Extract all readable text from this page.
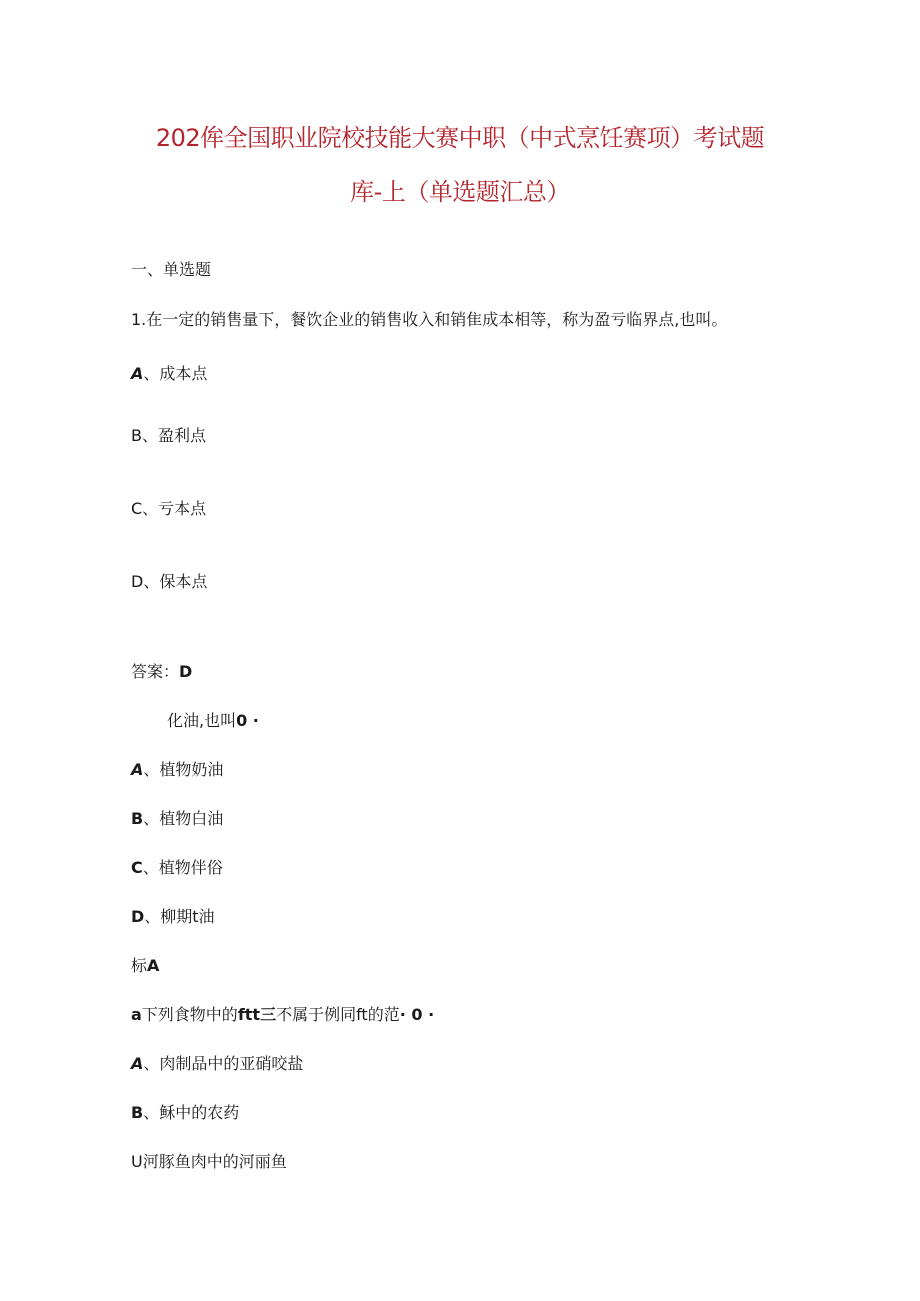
202侔全国职业院校技能大赛中职（中式烹饪赛项）考试题
库-上（单选题汇总）
一、单选题
1.在一定的销售量下，餐饮企业的销售收入和销隹成本相等，称为盈亏临界点,也叫。
A、成本点
B、盈利点
C、亏本点
D、保本点
答案：D
化油,也叫0 ·
A、植物奶油
B、植物白油
C、植物伴俗
D、柳期t油
标A
a下列食物中的ftt三不属于例同ft的范· 0 ·
A、肉制品中的亚硝咬盐
B、稣中的农药
U河豚鱼肉中的河丽鱼
